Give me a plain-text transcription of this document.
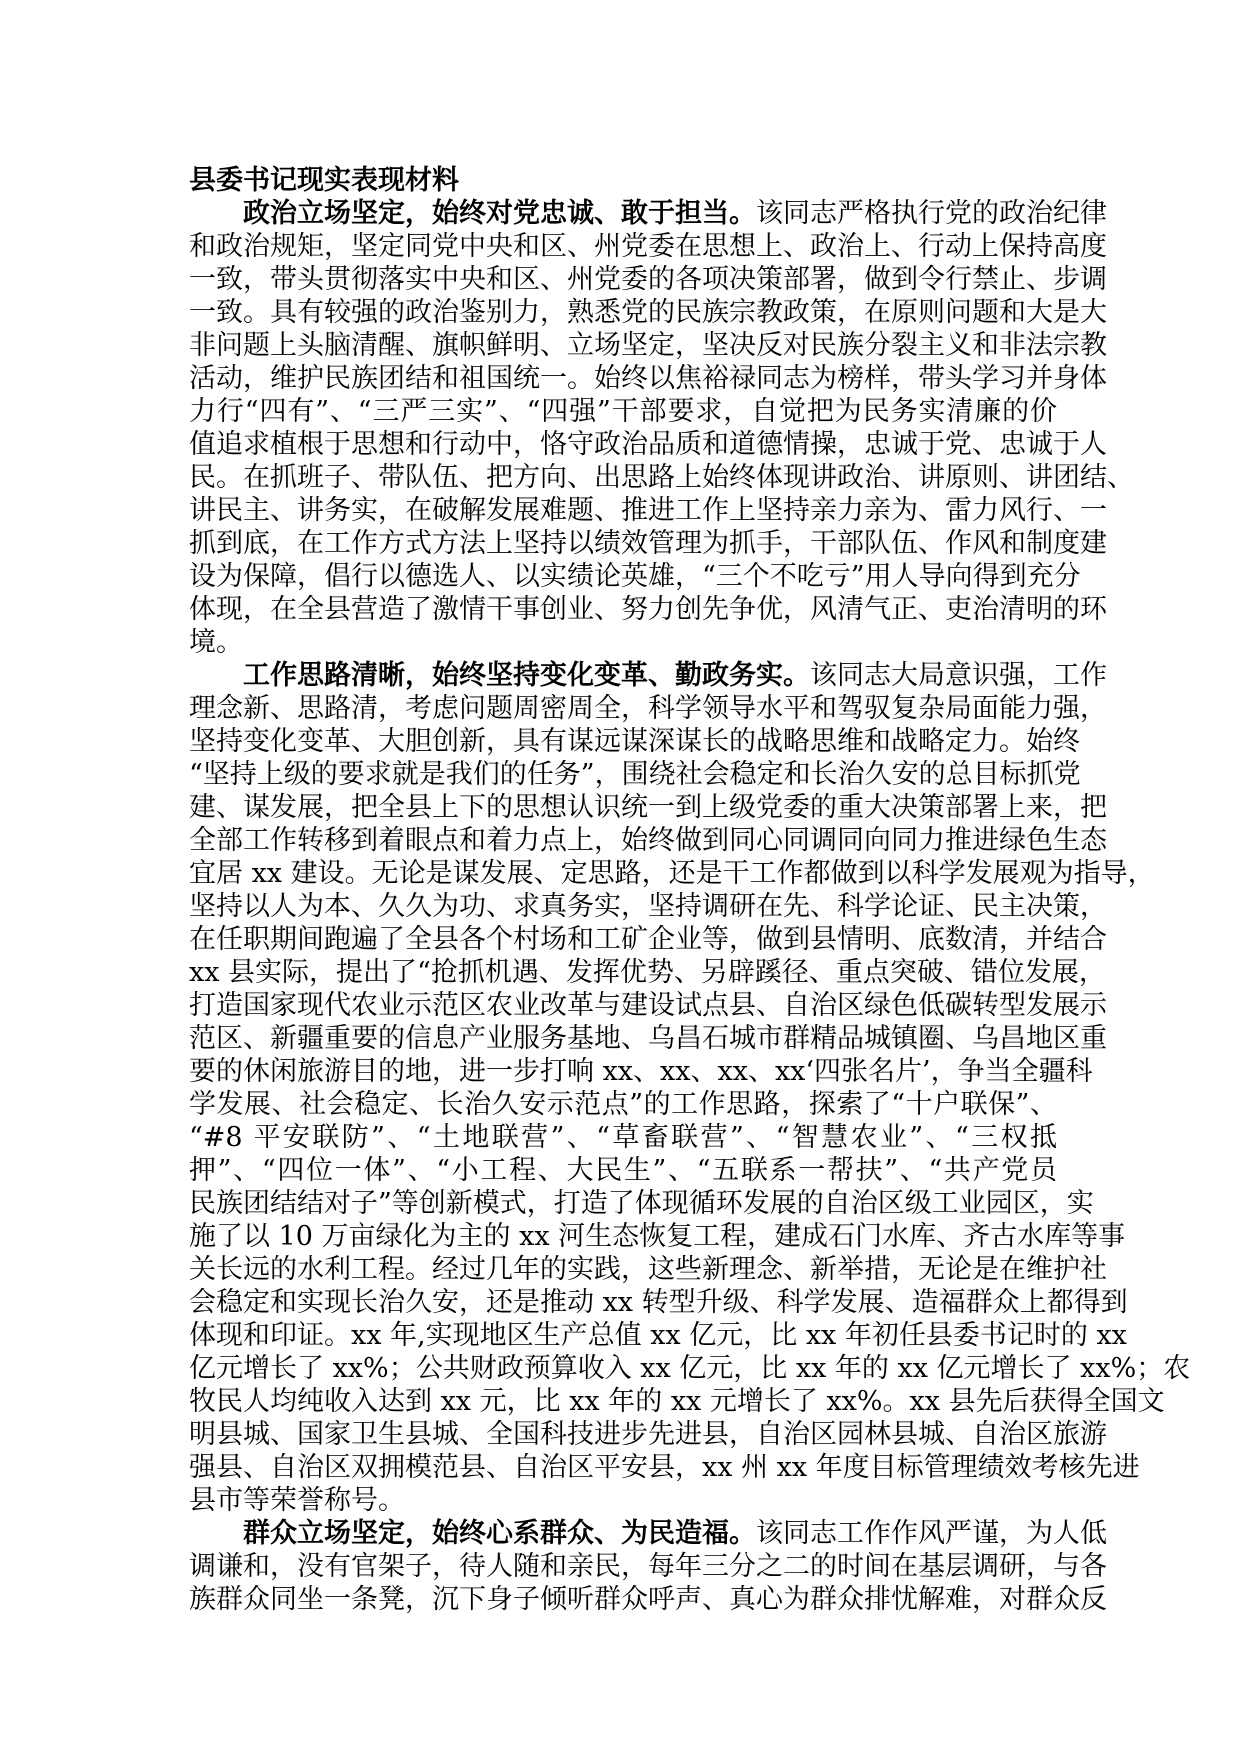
县委书记现实表现材料
政治立场坚定，始终对党忠诚、敢于担当。该同志严格执行党的政治纪律
和政治规矩，坚定同党中央和区、州党委在思想上、政治上、行动上保持高度
一致，带头贯彻落实中央和区、州党委的各项决策部署，做到令行禁止、步调
一致。具有较强的政治鉴别力，熟悉党的民族宗教政策，在原则问题和大是大
非问题上头脑清醒、旗帜鲜明、立场坚定，坚决反对民族分裂主义和非法宗教
活动，维护民族团结和祖国统一。始终以焦裕禄同志为榜样，带头学习并身体
力行“四有”、“三严三实”、“四强”干部要求，自觉把为民务实清廉的价
值追求植根于思想和行动中，恪守政治品质和道德情操，忠诚于党、忠诚于人
民。在抓班子、带队伍、把方向、出思路上始终体现讲政治、讲原则、讲团结、
讲民主、讲务实，在破解发展难题、推进工作上坚持亲力亲为、雷力风行、一
抓到底，在工作方式方法上坚持以绩效管理为抓手，干部队伍、作风和制度建
设为保障，倡行以德选人、以实绩论英雄，“三个不吃亏”用人导向得到充分
体现，在全县营造了激情干事创业、努力创先争优，风清气正、吏治清明的环
境。
工作思路清晰，始终坚持变化变革、勤政务实。该同志大局意识强，工作
理念新、思路清，考虑问题周密周全，科学领导水平和驾驭复杂局面能力强，
坚持变化变革、大胆创新，具有谋远谋深谋长的战略思维和战略定力。始终
“坚持上级的要求就是我们的任务”，围绕社会稳定和长治久安的总目标抓党
建、谋发展，把全县上下的思想认识统一到上级党委的重大决策部署上来，把
全部工作转移到着眼点和着力点上，始终做到同心同调同向同力推进绿色生态
宜居 xx 建设。无论是谋发展、定思路，还是干工作都做到以科学发展观为指导，
坚持以人为本、久久为功、求真务实，坚持调研在先、科学论证、民主决策，
在任职期间跑遍了全县各个村场和工矿企业等，做到县情明、底数清，并结合
xx 县实际，提出了“抢抓机遇、发挥优势、另辟蹊径、重点突破、错位发展，
打造国家现代农业示范区农业改革与建设试点县、自治区绿色低碳转型发展示
范区、新疆重要的信息产业服务基地、乌昌石城市群精品城镇圈、乌昌地区重
要的休闲旅游目的地，进一步打响 xx、xx、xx、xx‘四张名片’，争当全疆科
学发展、社会稳定、长治久安示范点”的工作思路，探索了“十户联保”、
“#8 平安联防”、“土地联营”、“草畜联营”、“智慧农业”、“三权抵
押”、“四位一体”、“小工程、大民生”、“五联系一帮扶”、“共产党员
民族团结结对子”等创新模式，打造了体现循环发展的自治区级工业园区，实
施了以 10 万亩绿化为主的 xx 河生态恢复工程，建成石门水库、齐古水库等事
关长远的水利工程。经过几年的实践，这些新理念、新举措，无论是在维护社
会稳定和实现长治久安，还是推动 xx 转型升级、科学发展、造福群众上都得到
体现和印证。xx 年,实现地区生产总值 xx 亿元，比 xx 年初任县委书记时的 xx
亿元增长了 xx%；公共财政预算收入 xx 亿元，比 xx 年的 xx 亿元增长了 xx%；农
牧民人均纯收入达到 xx 元，比 xx 年的 xx 元增长了 xx%。xx 县先后获得全国文
明县城、国家卫生县城、全国科技进步先进县，自治区园林县城、自治区旅游
强县、自治区双拥模范县、自治区平安县，xx 州 xx 年度目标管理绩效考核先进
县市等荣誉称号。
群众立场坚定，始终心系群众、为民造福。该同志工作作风严谨，为人低
调谦和，没有官架子，待人随和亲民，每年三分之二的时间在基层调研，与各
族群众同坐一条凳，沉下身子倾听群众呼声、真心为群众排忧解难，对群众反
